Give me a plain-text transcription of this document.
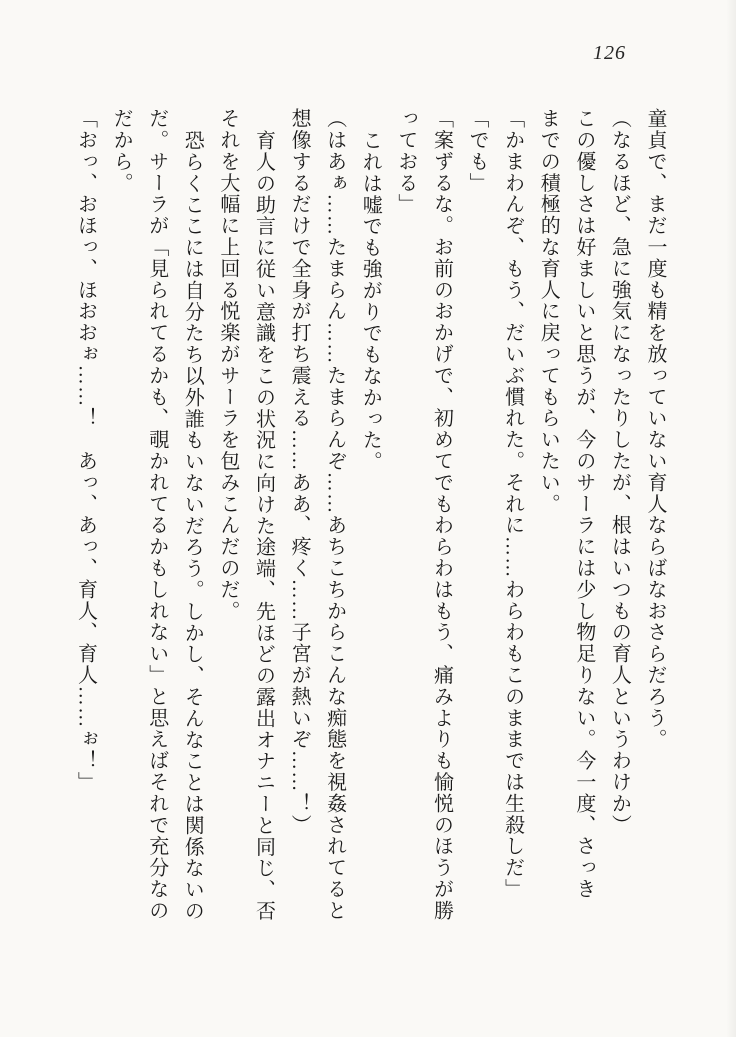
126
童貞で、まだ一度も精を放っていない育人ならばなおさらだろう。
（なるほど、急に強気になったりしたが、根はいつもの育人というわけか）
この優しさは好ましいと思うが、今のサーラには少し物足りない。今一度、さっき
までの積極的な育人に戻ってもらいたい。
「かまわんぞ、もう、だいぶ慣れた。それに……わらわもこのままでは生殺しだ」
「でも」
「案ずるな。お前のおかげで、初めてでもわらわはもう、痛みよりも愉悦のほうが勝
っておる」
これは嘘でも強がりでもなかった。
（はあぁ……たまらん……たまらんぞ……あちこちからこんな痴態を視姦されてると
想像するだけで全身が打ち震える……ああ、疼く……子宮が熱いぞ……！）
育人の助言に従い意識をこの状況に向けた途端、先ほどの露出オナニーと同じ、否
それを大幅に上回る悦楽がサーラを包みこんだのだ。
恐らくここには自分たち以外誰もいないだろう。しかし、そんなことは関係ないの
だ。サーラが「見られてるかも、覗かれてるかもしれない」と思えばそれで充分なの
だから。
「おっ、おほっ、ほおおぉ……！　あっ、あっ、育人、育人……ぉ！」
